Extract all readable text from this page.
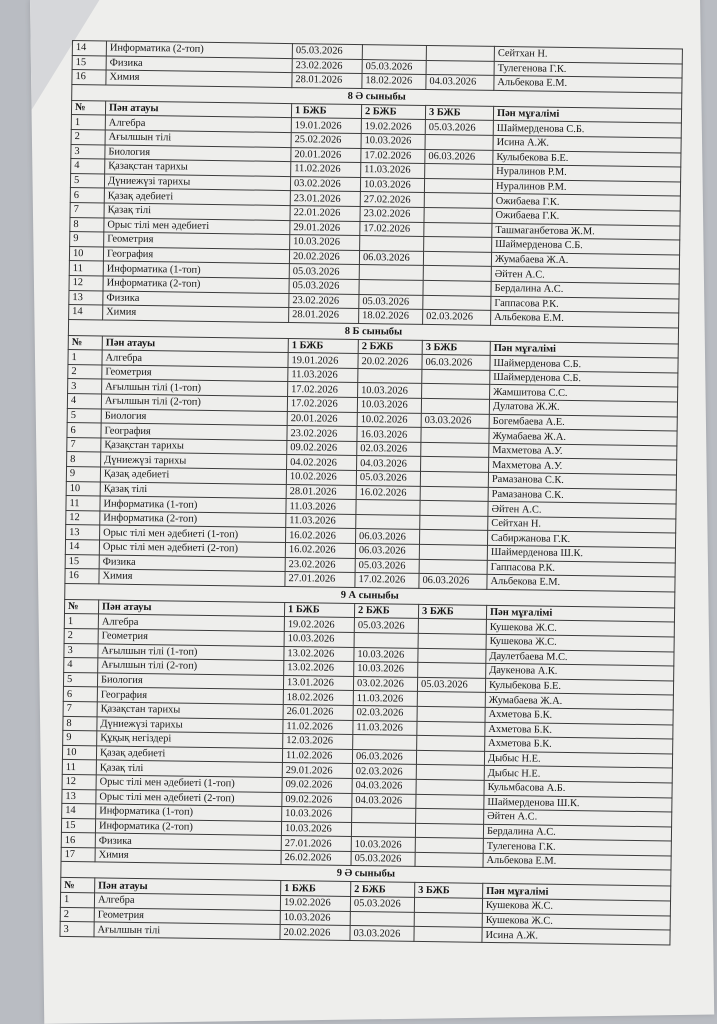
14	Информатика (2-топ)	05.03.2026			Сейтхан Н.
15	Физика	23.02.2026	05.03.2026		Тулегенова Г.К.
16	Химия	28.01.2026	18.02.2026	04.03.2026	Альбекова Е.М.
8 Ә сыныбы					
№	Пән атауы	1 БЖБ	2 БЖБ	3 БЖБ	Пән мұғалімі
1	Алгебра	19.01.2026	19.02.2026	05.03.2026	Шаймерденова С.Б.
2	Ағылшын тілі	25.02.2026	10.03.2026		Исина А.Ж.
3	Биология	20.01.2026	17.02.2026	06.03.2026	Кулыбекова Б.Е.
4	Қазақстан тарихы	11.02.2026	11.03.2026		Нуралинов Р.М.
5	Дүниежүзі тарихы	03.02.2026	10.03.2026		Нуралинов Р.М.
6	Қазақ әдебиеті	23.01.2026	27.02.2026		Ожибаева Г.К.
7	Қазақ тілі	22.01.2026	23.02.2026		Ожибаева Г.К.
8	Орыс тілі мен әдебиеті	29.01.2026	17.02.2026		Ташмаганбетова Ж.М.
9	Геометрия	10.03.2026			Шаймерденова С.Б.
10	География	20.02.2026	06.03.2026		Жумабаева Ж.А.
11	Информатика (1-топ)	05.03.2026			Әйтен А.С.
12	Информатика (2-топ)	05.03.2026			Бердалина А.С.
13	Физика	23.02.2026	05.03.2026		Гаппасова Р.К.
14	Химия	28.01.2026	18.02.2026	02.03.2026	Альбекова Е.М.
8 Б сыныбы					
№	Пән атауы	1 БЖБ	2 БЖБ	3 БЖБ	Пән мұғалімі
1	Алгебра	19.01.2026	20.02.2026	06.03.2026	Шаймерденова С.Б.
2	Геометрия	11.03.2026			Шаймерденова С.Б.
3	Ағылшын тілі (1-топ)	17.02.2026	10.03.2026		Жамшитова С.С.
4	Ағылшын тілі (2-топ)	17.02.2026	10.03.2026		Дулатова Ж.Ж.
5	Биология	20.01.2026	10.02.2026	03.03.2026	Богембаева А.Е.
6	География	23.02.2026	16.03.2026		Жумабаева Ж.А.
7	Қазақстан тарихы	09.02.2026	02.03.2026		Махметова А.У.
8	Дүниежүзі тарихы	04.02.2026	04.03.2026		Махметова А.У.
9	Қазақ әдебиеті	10.02.2026	05.03.2026		Рамазанова С.К.
10	Қазақ тілі	28.01.2026	16.02.2026		Рамазанова С.К.
11	Информатика (1-топ)	11.03.2026			Әйтен А.С.
12	Информатика (2-топ)	11.03.2026			Сейтхан Н.
13	Орыс тілі мен әдебиеті (1-топ)	16.02.2026	06.03.2026		Сабиржанова Г.К.
14	Орыс тілі мен әдебиеті (2-топ)	16.02.2026	06.03.2026		Шаймерденова Ш.К.
15	Физика	23.02.2026	05.03.2026		Гаппасова Р.К.
16	Химия	27.01.2026	17.02.2026	06.03.2026	Альбекова Е.М.
9 А сыныбы					
№	Пән атауы	1 БЖБ	2 БЖБ	3 БЖБ	Пән мұғалімі
1	Алгебра	19.02.2026	05.03.2026		Кушекова Ж.С.
2	Геометрия	10.03.2026			Кушекова Ж.С.
3	Ағылшын тілі (1-топ)	13.02.2026	10.03.2026		Даулетбаева М.С.
4	Ағылшын тілі (2-топ)	13.02.2026	10.03.2026		Даукенова А.К.
5	Биология	13.01.2026	03.02.2026	05.03.2026	Кулыбекова Б.Е.
6	География	18.02.2026	11.03.2026		Жумабаева Ж.А.
7	Қазақстан тарихы	26.01.2026	02.03.2026		Ахметова Б.К.
8	Дүниежүзі тарихы	11.02.2026	11.03.2026		Ахметова Б.К.
9	Құқық негіздері	12.03.2026			Ахметова Б.К.
10	Қазақ әдебиеті	11.02.2026	06.03.2026		Дыбыс Н.Е.
11	Қазақ тілі	29.01.2026	02.03.2026		Дыбыс Н.Е.
12	Орыс тілі мен әдебиеті (1-топ)	09.02.2026	04.03.2026		Кульмбасова А.Б.
13	Орыс тілі мен әдебиеті (2-топ)	09.02.2026	04.03.2026		Шаймерденова Ш.К.
14	Информатика (1-топ)	10.03.2026			Әйтен А.С.
15	Информатика (2-топ)	10.03.2026			Бердалина А.С.
16	Физика	27.01.2026	10.03.2026		Тулегенова Г.К.
17	Химия	26.02.2026	05.03.2026		Альбекова Е.М.
9 Ә сыныбы					
№	Пән атауы	1 БЖБ	2 БЖБ	3 БЖБ	Пән мұғалімі
1	Алгебра	19.02.2026	05.03.2026		Кушекова Ж.С.
2	Геометрия	10.03.2026			Кушекова Ж.С.
3	Ағылшын тілі	20.02.2026	03.03.2026		Исина А.Ж.
